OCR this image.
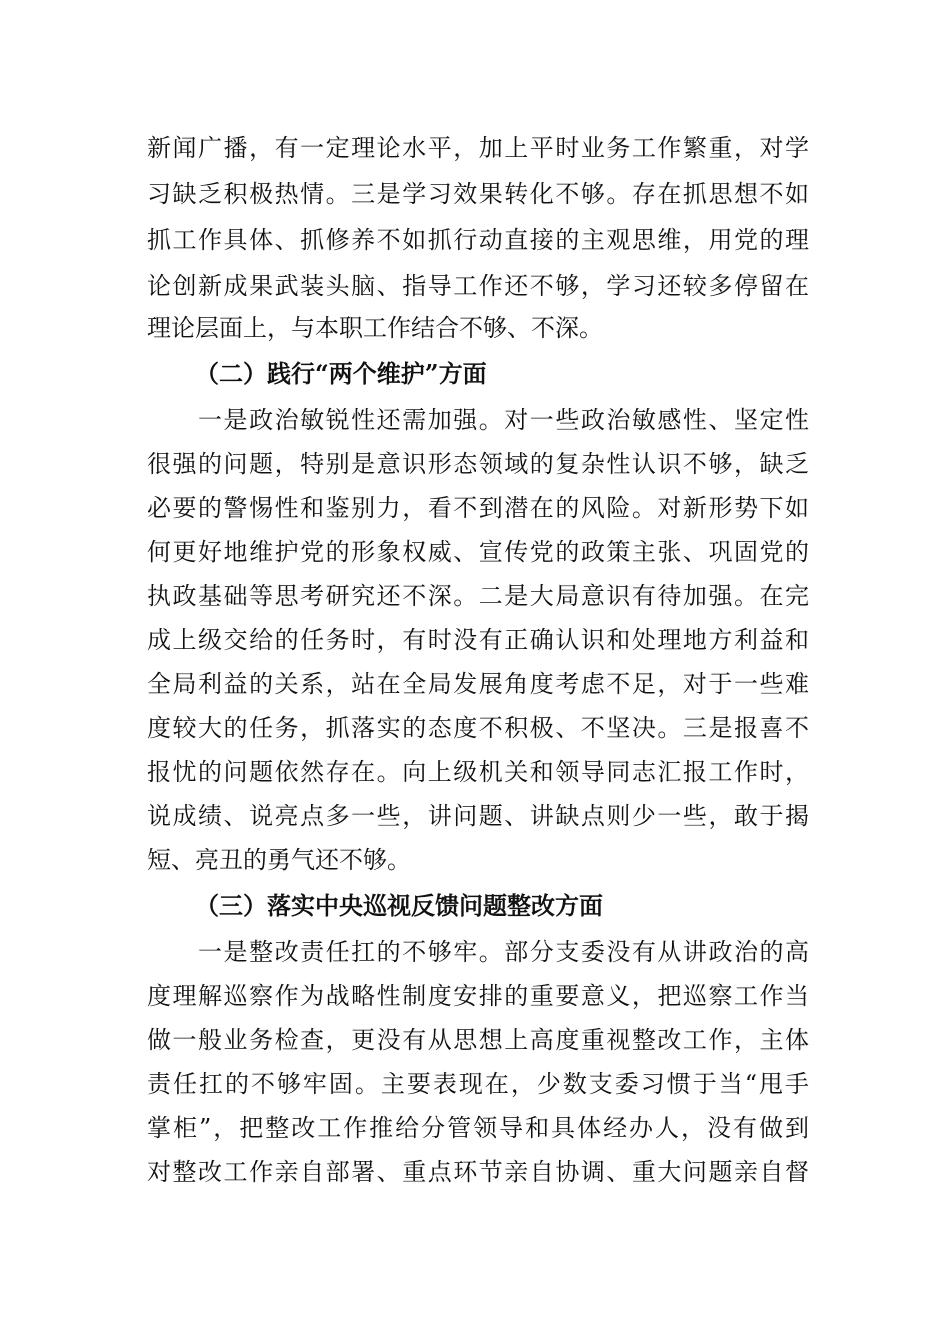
新闻广播，有一定理论水平，加上平时业务工作繁重，对学
习缺乏积极热情。三是学习效果转化不够。存在抓思想不如
抓工作具体、抓修养不如抓行动直接的主观思维，用党的理
论创新成果武装头脑、指导工作还不够，学习还较多停留在
理论层面上，与本职工作结合不够、不深。
（二）践行“两个维护”方面
　　一是政治敏锐性还需加强。对一些政治敏感性、坚定性
很强的问题，特别是意识形态领域的复杂性认识不够，缺乏
必要的警惕性和鉴别力，看不到潜在的风险。对新形势下如
何更好地维护党的形象权威、宣传党的政策主张、巩固党的
执政基础等思考研究还不深。二是大局意识有待加强。在完
成上级交给的任务时，有时没有正确认识和处理地方利益和
全局利益的关系，站在全局发展角度考虑不足，对于一些难
度较大的任务，抓落实的态度不积极、不坚决。三是报喜不
报忧的问题依然存在。向上级机关和领导同志汇报工作时，
说成绩、说亮点多一些，讲问题、讲缺点则少一些，敢于揭
短、亮丑的勇气还不够。
（三）落实中央巡视反馈问题整改方面
　　一是整改责任扛的不够牢。部分支委没有从讲政治的高
度理解巡察作为战略性制度安排的重要意义，把巡察工作当
做一般业务检查，更没有从思想上高度重视整改工作，主体
责任扛的不够牢固。主要表现在，少数支委习惯于当“甩手
掌柜”，把整改工作推给分管领导和具体经办人，没有做到
对整改工作亲自部署、重点环节亲自协调、重大问题亲自督
